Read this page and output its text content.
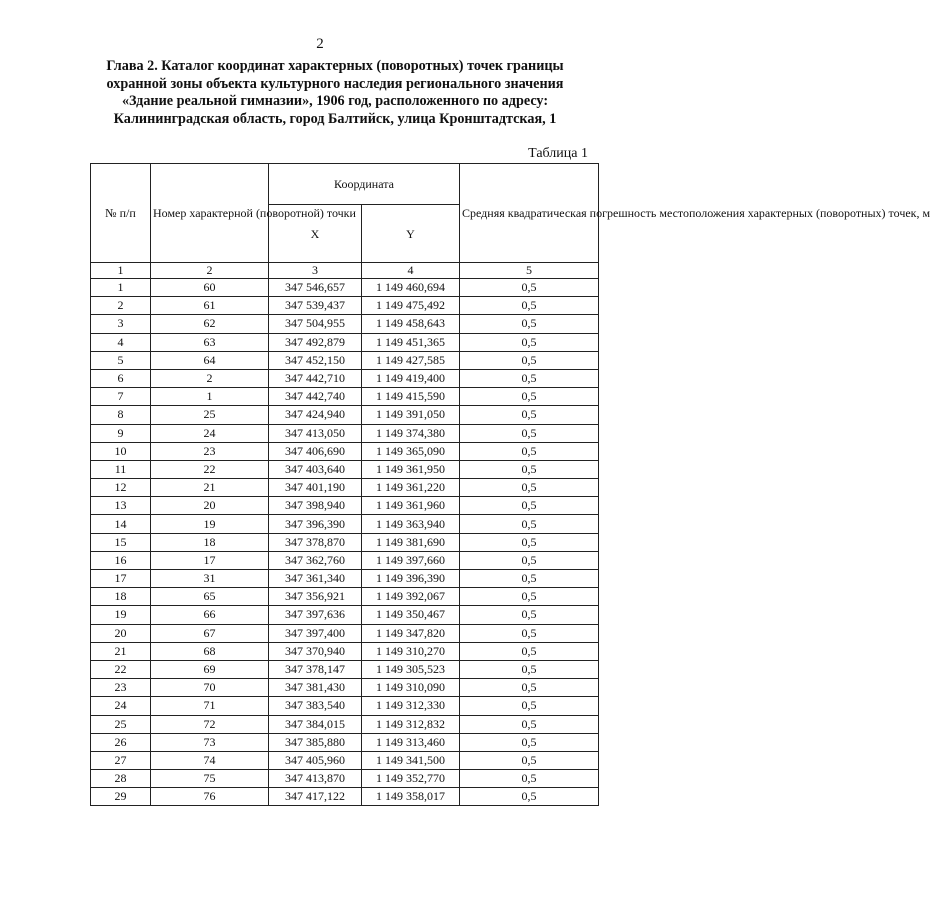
2
Глава 2. Каталог координат характерных (поворотных) точек границы
охранной зоны объекта культурного наследия регионального значения
«Здание реальной гимназии», 1906 год, расположенного по адресу:
Калининградская область, город Балтийск, улица Кронштадтская, 1
Таблица 1
№ п/п	Номер характерной (поворотной) точки	Координата		Средняя квадратическая погрешность местоположения характерных (поворотных) точек, м
		X	Y	
1	2	3	4	5
1	60	347 546,657	1 149 460,694	0,5
2	61	347 539,437	1 149 475,492	0,5
3	62	347 504,955	1 149 458,643	0,5
4	63	347 492,879	1 149 451,365	0,5
5	64	347 452,150	1 149 427,585	0,5
6	2	347 442,710	1 149 419,400	0,5
7	1	347 442,740	1 149 415,590	0,5
8	25	347 424,940	1 149 391,050	0,5
9	24	347 413,050	1 149 374,380	0,5
10	23	347 406,690	1 149 365,090	0,5
11	22	347 403,640	1 149 361,950	0,5
12	21	347 401,190	1 149 361,220	0,5
13	20	347 398,940	1 149 361,960	0,5
14	19	347 396,390	1 149 363,940	0,5
15	18	347 378,870	1 149 381,690	0,5
16	17	347 362,760	1 149 397,660	0,5
17	31	347 361,340	1 149 396,390	0,5
18	65	347 356,921	1 149 392,067	0,5
19	66	347 397,636	1 149 350,467	0,5
20	67	347 397,400	1 149 347,820	0,5
21	68	347 370,940	1 149 310,270	0,5
22	69	347 378,147	1 149 305,523	0,5
23	70	347 381,430	1 149 310,090	0,5
24	71	347 383,540	1 149 312,330	0,5
25	72	347 384,015	1 149 312,832	0,5
26	73	347 385,880	1 149 313,460	0,5
27	74	347 405,960	1 149 341,500	0,5
28	75	347 413,870	1 149 352,770	0,5
29	76	347 417,122	1 149 358,017	0,5
